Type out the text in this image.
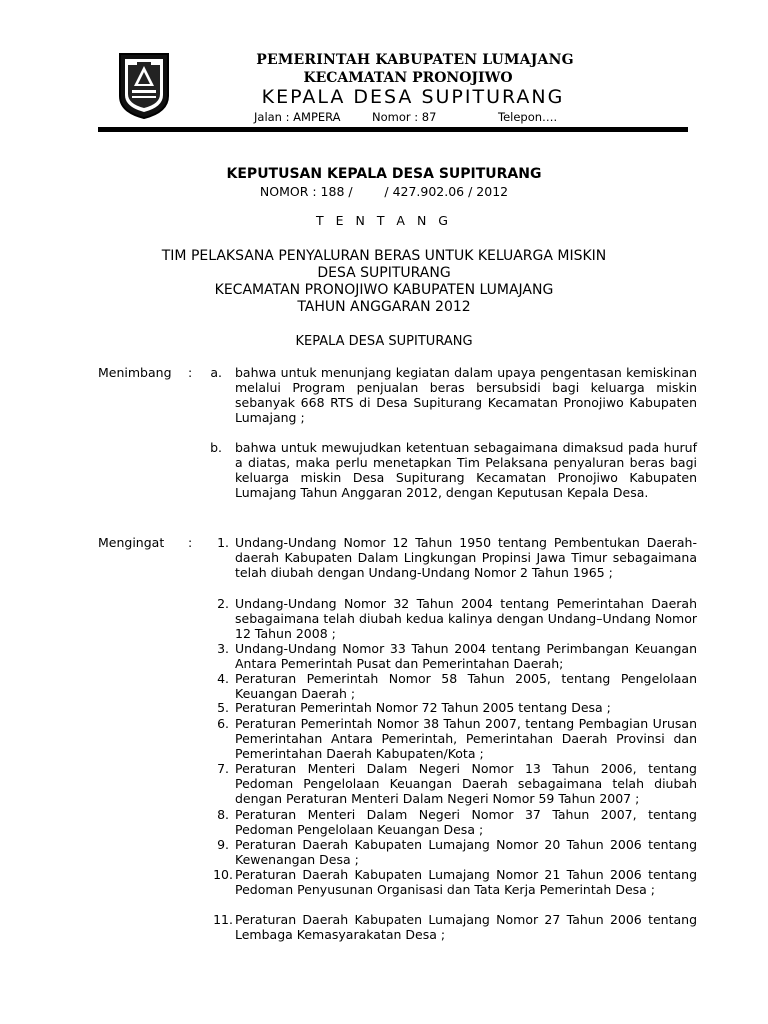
PEMERINTAH KABUPATEN LUMAJANG
KECAMATAN PRONOJIWO
KEPALA DESA SUPITURANG
Jalan : AMPERA	Nomor : 87	Telepon….
KEPUTUSAN KEPALA DESA SUPITURANG
NOMOR : 188 /        / 427.902.06 / 2012
T E N T A N G
TIM PELAKSANA PENYALURAN BERAS UNTUK KELUARGA MISKIN
DESA SUPITURANG
KECAMATAN PRONOJIWO KABUPATEN LUMAJANG
TAHUN ANGGARAN 2012
KEPALA DESA SUPITURANG
Menimbang :	a. bahwa untuk menunjang kegiatan dalam upaya pengentasan kemiskinan melalui Program penjualan beras bersubsidi bagi keluarga miskin sebanyak 668 RTS di Desa Supiturang Kecamatan Pronojiwo Kabupaten Lumajang ;
b. bahwa untuk mewujudkan ketentuan sebagaimana dimaksud pada huruf a diatas, maka perlu menetapkan Tim Pelaksana penyaluran beras bagi keluarga miskin Desa Supiturang Kecamatan Pronojiwo Kabupaten Lumajang Tahun Anggaran 2012, dengan Keputusan Kepala Desa.
Mengingat :	1. Undang-Undang Nomor 12 Tahun 1950 tentang Pembentukan Daerah-daerah Kabupaten Dalam Lingkungan Propinsi Jawa Timur sebagaimana telah diubah dengan Undang-Undang Nomor 2 Tahun 1965 ;
2. Undang-Undang Nomor 32 Tahun 2004 tentang Pemerintahan Daerah sebagaimana telah diubah kedua kalinya dengan Undang–Undang Nomor 12 Tahun 2008 ;
3. Undang-Undang Nomor 33 Tahun 2004 tentang Perimbangan Keuangan Antara Pemerintah Pusat dan Pemerintahan Daerah;
4. Peraturan Pemerintah Nomor 58 Tahun 2005, tentang Pengelolaan Keuangan Daerah ;
5. Peraturan Pemerintah Nomor 72 Tahun 2005 tentang Desa ;
6. Peraturan Pemerintah Nomor 38 Tahun 2007, tentang Pembagian Urusan Pemerintahan Antara Pemerintah, Pemerintahan Daerah Provinsi dan Pemerintahan Daerah Kabupaten/Kota ;
7. Peraturan Menteri Dalam Negeri Nomor 13 Tahun 2006, tentang Pedoman Pengelolaan Keuangan Daerah sebagaimana telah diubah dengan Peraturan Menteri Dalam Negeri Nomor 59 Tahun 2007 ;
8. Peraturan Menteri Dalam Negeri Nomor 37 Tahun 2007, tentang Pedoman Pengelolaan Keuangan Desa ;
9. Peraturan Daerah Kabupaten Lumajang Nomor 20 Tahun 2006 tentang Kewenangan Desa ;
10. Peraturan Daerah Kabupaten Lumajang Nomor 21 Tahun 2006 tentang Pedoman Penyusunan Organisasi dan Tata Kerja Pemerintah Desa ;
11. Peraturan Daerah Kabupaten Lumajang Nomor 27 Tahun 2006 tentang Lembaga Kemasyarakatan Desa ;
